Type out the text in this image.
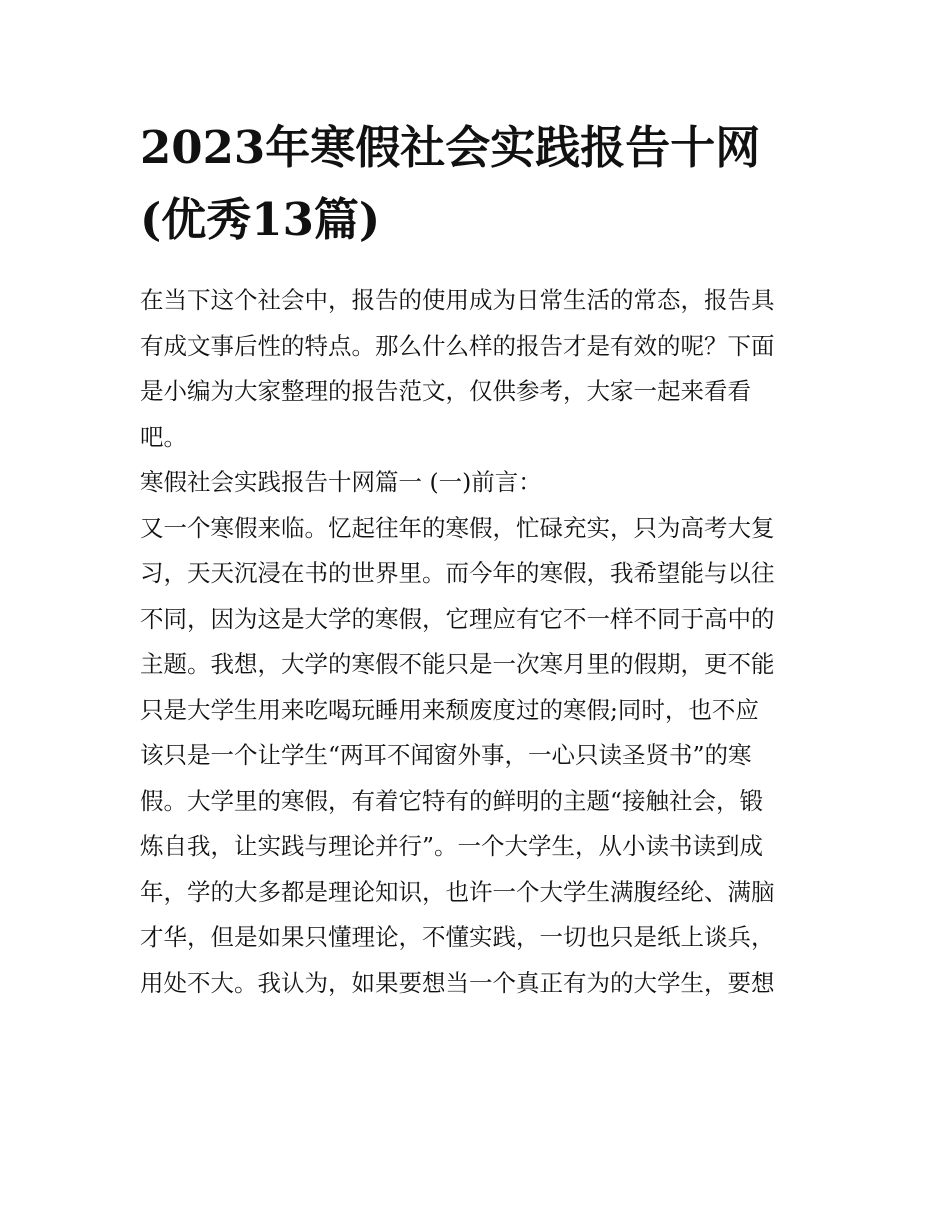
2023年寒假社会实践报告十网
(优秀13篇)
在当下这个社会中，报告的使用成为日常生活的常态，报告具
有成文事后性的特点。那么什么样的报告才是有效的呢？下面
是小编为大家整理的报告范文，仅供参考，大家一起来看看
吧。
寒假社会实践报告十网篇一 (一)前言：
又一个寒假来临。忆起往年的寒假，忙碌充实，只为高考大复
习，天天沉浸在书的世界里。而今年的寒假，我希望能与以往
不同，因为这是大学的寒假，它理应有它不一样不同于高中的
主题。我想，大学的寒假不能只是一次寒月里的假期，更不能
只是大学生用来吃喝玩睡用来颓废度过的寒假;同时，也不应
该只是一个让学生“两耳不闻窗外事，一心只读圣贤书”的寒
假。大学里的寒假，有着它特有的鲜明的主题“接触社会，锻
炼自我，让实践与理论并行”。一个大学生，从小读书读到成
年，学的大多都是理论知识，也许一个大学生满腹经纶、满脑
才华，但是如果只懂理论，不懂实践，一切也只是纸上谈兵，
用处不大。我认为，如果要想当一个真正有为的大学生，要想
